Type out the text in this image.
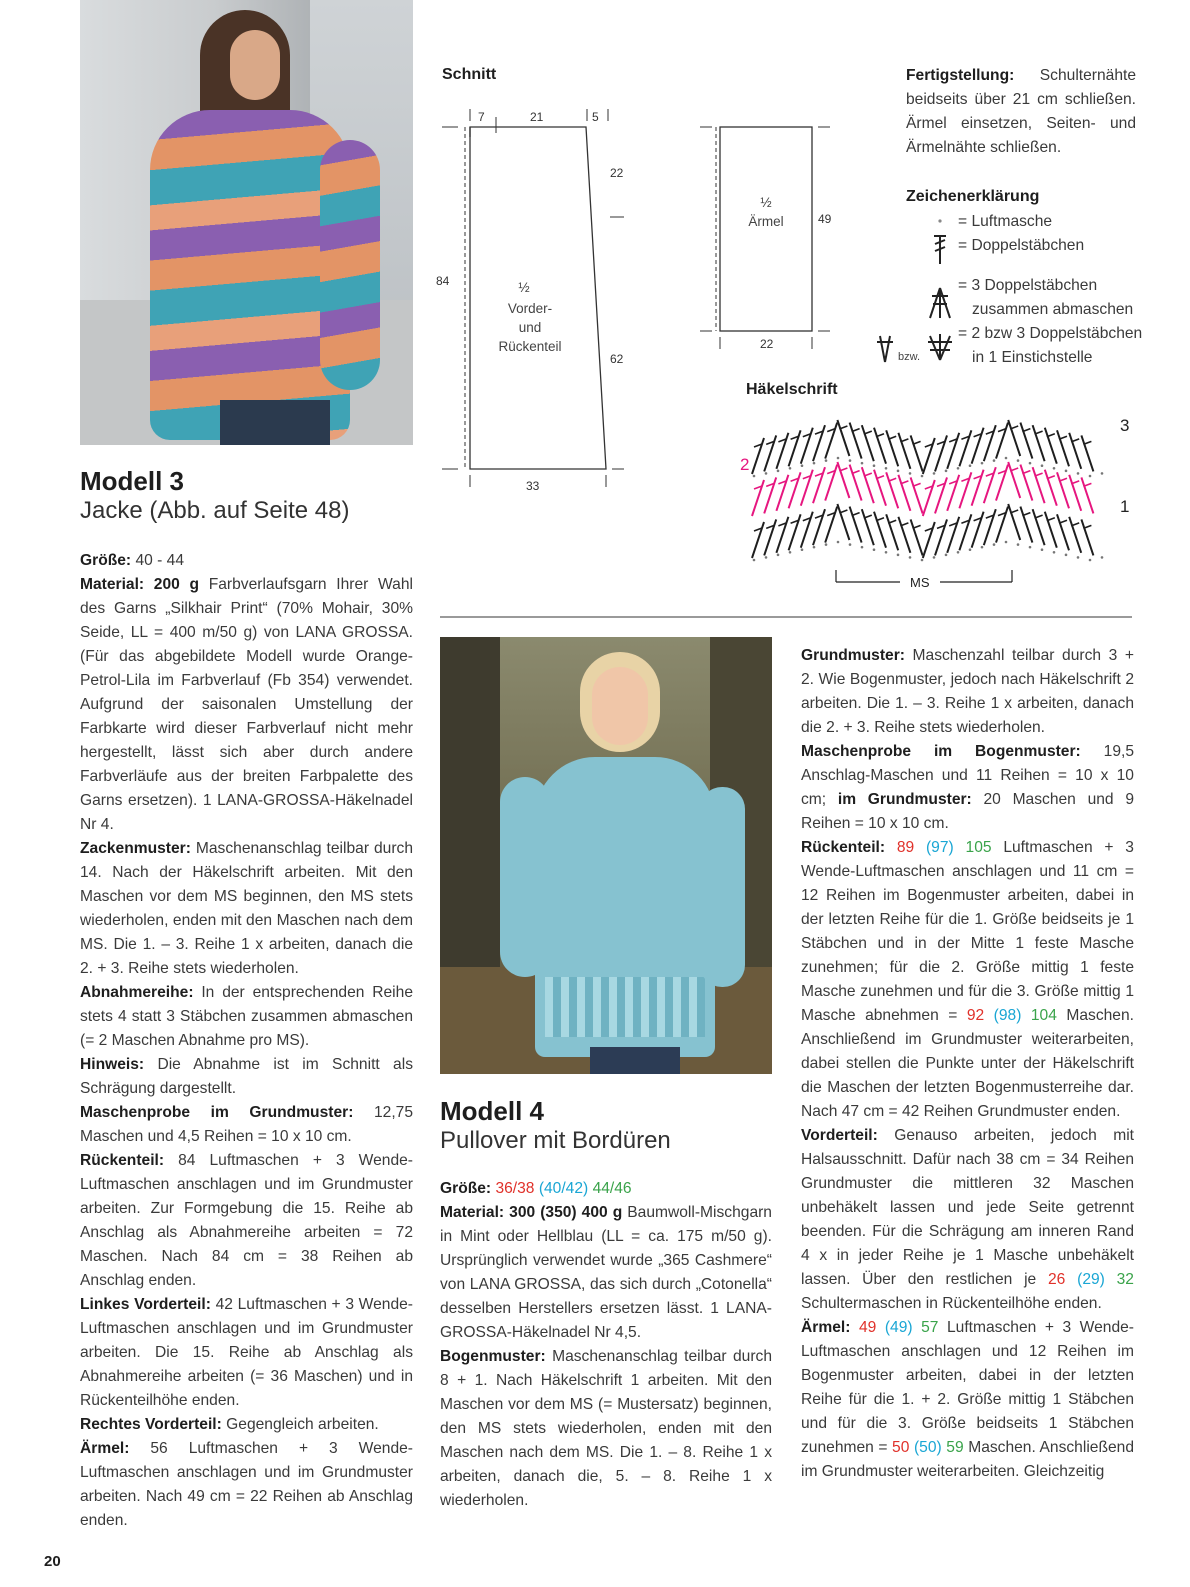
Modell 3
Jacke (Abb. auf Seite 48)

Größe: 40 - 44

Material: 200 g Farbverlaufsgarn Ihrer Wahl des Garns „Silkhair Print“ (70% Mohair, 30% Seide, LL = 400 m/50 g) von LANA GROSSA. (Für das abgebildete Modell wurde Orange-Petrol-Lila im Farbverlauf (Fb 354) verwendet. Aufgrund der saisonalen Umstellung der Farbkarte wird dieser Farbverlauf nicht mehr hergestellt, lässt sich aber durch andere Farbverläufe aus der breiten Farbpalette des Garns ersetzen). 1 LANA-GROSSA-Häkelnadel Nr 4.

Zackenmuster: Maschenanschlag teilbar durch 14. Nach der Häkelschrift arbeiten. Mit den Maschen vor dem MS beginnen, den MS stets wiederholen, enden mit den Maschen nach dem MS. Die 1. – 3. Reihe 1 x arbeiten, danach die 2. + 3. Reihe stets wiederholen.

Abnahmereihe: In der entsprechenden Reihe stets 4 statt 3 Stäbchen zusammen abmaschen (= 2 Maschen Abnahme pro MS).

Hinweis: Die Abnahme ist im Schnitt als Schrägung dargestellt.

Maschenprobe im Grundmuster: 12,75 Maschen und 4,5 Reihen = 10 x 10 cm.

Rückenteil: 84 Luftmaschen + 3 Wende-Luftmaschen anschlagen und im Grundmuster arbeiten. Zur Formgebung die 15. Reihe ab Anschlag als Abnahmereihe arbeiten = 72 Maschen. Nach 84 cm = 38 Reihen ab Anschlag enden.

Linkes Vorderteil: 42 Luftmaschen + 3 Wende-Luftmaschen anschlagen und im Grundmuster arbeiten. Die 15. Reihe ab Anschlag als Abnahmereihe arbeiten (= 36 Maschen) und in Rückenteilhöhe enden.

Rechtes Vorderteil: Gegengleich arbeiten.

Ärmel: 56 Luftmaschen + 3 Wende-Luftmaschen anschlagen und im Grundmuster arbeiten. Nach 49 cm = 22 Reihen ab Anschlag enden.

Schnitt
7	21	5
22
84
62
33
½
Vorder-
und
Rückenteil
½
Ärmel	49
22

Fertigstellung: Schulternähte beidseits über 21 cm schließen. Ärmel einsetzen, Seiten- und Ärmelnähte schließen.

Zeichenerklärung
bzw.
= Luftmasche
= Doppelstäbchen
= 3 Doppelstäbchen
zusammen abmaschen
= 2 bzw 3 Doppelstäbchen
in 1 Einstichstelle
Häkelschrift
3
2
1
MS
Modell 4
Pullover mit Bordüren

Größe: 36/38 (40/42) 44/46

Material: 300 (350) 400 g Baumwoll-Mischgarn in Mint oder Hellblau (LL = ca. 175 m/50 g). Ursprünglich verwendet wurde „365 Cashmere“ von LANA GROSSA, das sich durch „Cotonella“ desselben Herstellers ersetzen lässt. 1 LANA-GROSSA-Häkelnadel Nr 4,5.

Bogenmuster: Maschenanschlag teilbar durch 8 + 1. Nach Häkelschrift 1 arbeiten. Mit den Maschen vor dem MS (= Mustersatz) beginnen, den MS stets wiederholen, enden mit den Maschen nach dem MS. Die 1. – 8. Reihe 1 x arbeiten, danach die, 5. – 8. Reihe 1 x wiederholen.

Grundmuster: Maschenzahl teilbar durch 3 + 2. Wie Bogenmuster, jedoch nach Häkelschrift 2 arbeiten. Die 1. – 3. Reihe 1 x arbeiten, danach die 2. + 3. Reihe stets wiederholen.

Maschenprobe im Bogenmuster: 19,5 Anschlag-Maschen und 11 Reihen = 10 x 10 cm; im Grundmuster: 20 Maschen und 9 Reihen = 10 x 10 cm.

Rückenteil: 89 (97) 105 Luftmaschen + 3 Wende-Luftmaschen anschlagen und 11 cm = 12 Reihen im Bogenmuster arbeiten, dabei in der letzten Reihe für die 1. Größe beidseits je 1 Stäbchen und in der Mitte 1 feste Masche zunehmen; für die 2. Größe mittig 1 feste Masche zunehmen und für die 3. Größe mittig 1 Masche abnehmen = 92 (98) 104 Maschen. Anschließend im Grundmuster weiterarbeiten, dabei stellen die Punkte unter der Häkelschrift die Maschen der letzten Bogenmusterreihe dar. Nach 47 cm = 42 Reihen Grundmuster enden.

Vorderteil: Genauso arbeiten, jedoch mit Halsausschnitt. Dafür nach 38 cm = 34 Reihen Grundmuster die mittleren 32 Maschen unbehäkelt lassen und jede Seite getrennt beenden. Für die Schrägung am inneren Rand 4 x in jeder Reihe je 1 Masche unbehäkelt lassen. Über den restlichen je 26 (29) 32 Schultermaschen in Rückenteilhöhe enden.

Ärmel: 49 (49) 57 Luftmaschen + 3 Wende-Luftmaschen anschlagen und 12 Reihen im Bogenmuster arbeiten, dabei in der letzten Reihe für die 1. + 2. Größe mittig 1 Stäbchen und für die 3. Größe beidseits 1 Stäbchen zunehmen = 50 (50) 59 Maschen. Anschließend im Grundmuster weiterarbeiten. Gleichzeitig

20
